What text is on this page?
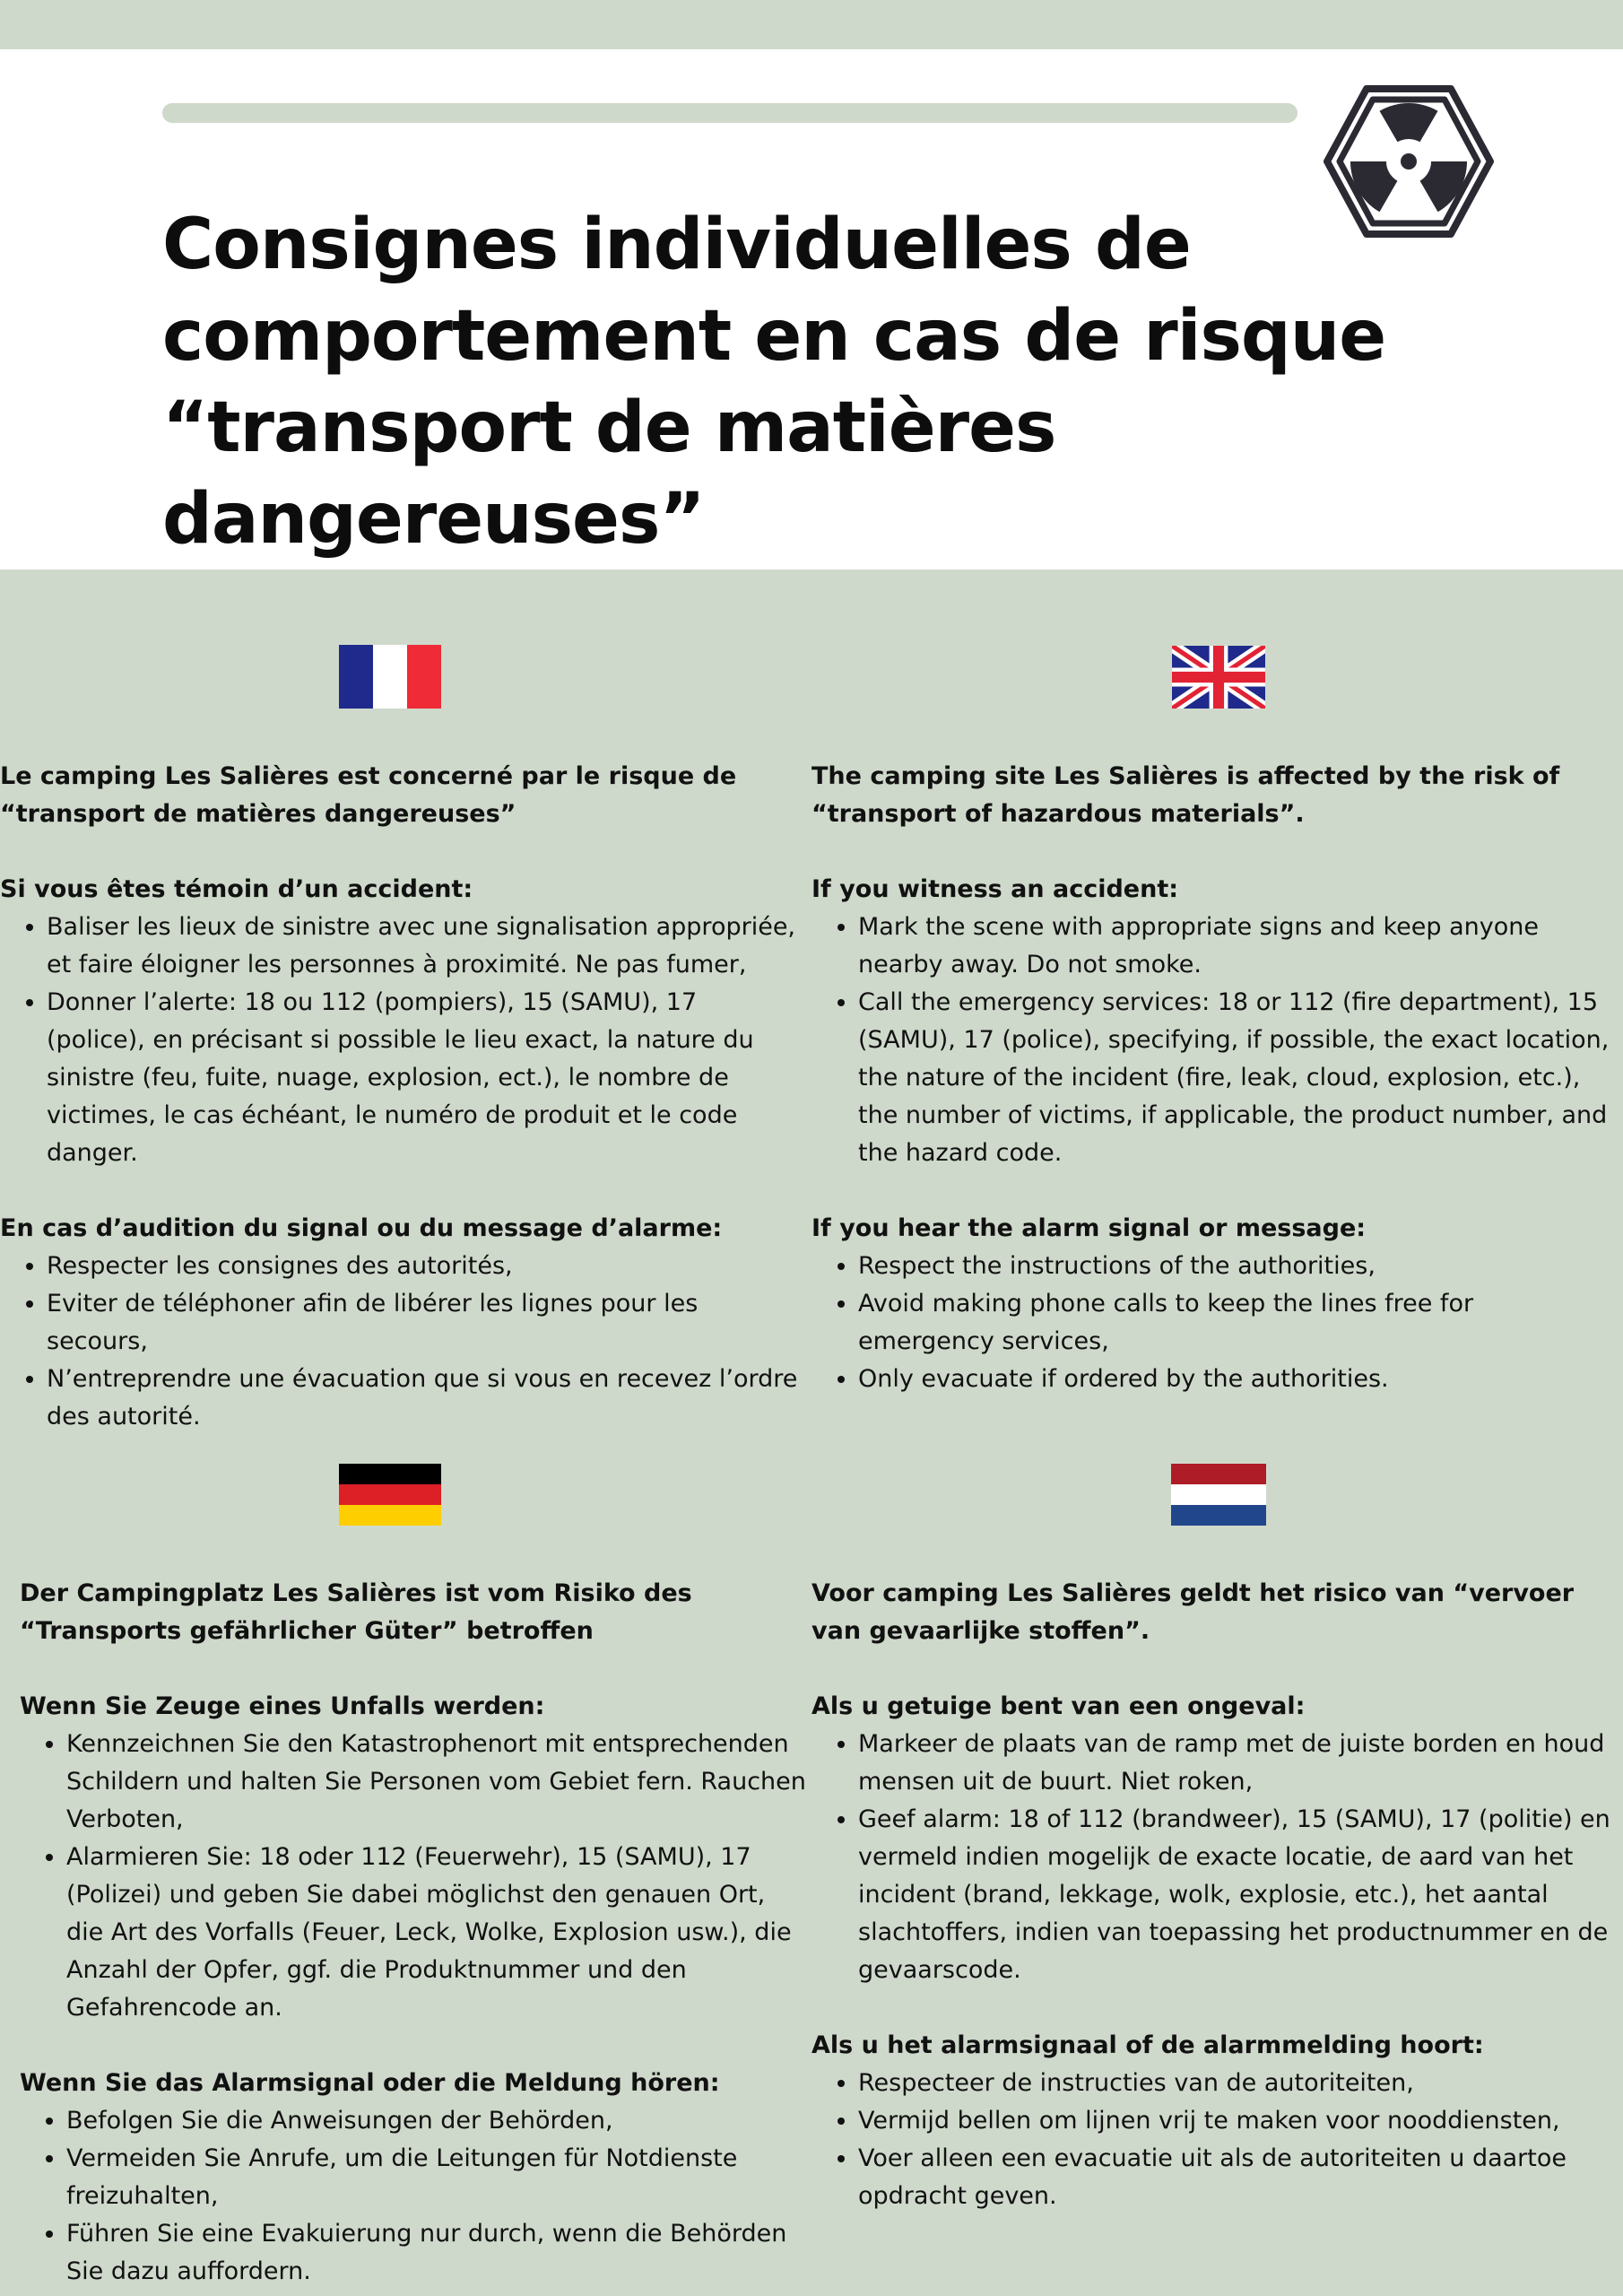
Consignes individuelles de comportement en cas de risque “transport de matières dangereuses”

Le camping Les Salières est concerné par le risque de “transport de matières dangereuses”

Si vous êtes témoin d’un accident:

• Baliser les lieux de sinistre avec une signalisation appropriée, et faire éloigner les personnes à proximité. Ne pas fumer,
• Donner l’alerte: 18 ou 112 (pompiers), 15 (SAMU), 17 (police), en précisant si possible le lieu exact, la nature du sinistre (feu, fuite, nuage, explosion, ect.), le nombre de victimes, le cas échéant, le numéro de produit et le code danger.

En cas d’audition du signal ou du message d’alarme:

• Respecter les consignes des autorités,
• Eviter de téléphoner afin de libérer les lignes pour les secours,
• N’entreprendre une évacuation que si vous en recevez l’ordre des autorité.

The camping site Les Salières is affected by the risk of “transport of hazardous materials”.

If you witness an accident:

• Mark the scene with appropriate signs and keep anyone nearby away. Do not smoke.
• Call the emergency services: 18 or 112 (fire department), 15 (SAMU), 17 (police), specifying, if possible, the exact location, the nature of the incident (fire, leak, cloud, explosion, etc.), the number of victims, if applicable, the product number, and the hazard code.

If you hear the alarm signal or message:

• Respect the instructions of the authorities,
• Avoid making phone calls to keep the lines free for emergency services,
• Only evacuate if ordered by the authorities.

Der Campingplatz Les Salières ist vom Risiko des “Transports gefährlicher Güter” betroffen

Wenn Sie Zeuge eines Unfalls werden:

• Kennzeichnen Sie den Katastrophenort mit entsprechenden Schildern und halten Sie Personen vom Gebiet fern. Rauchen Verboten,
• Alarmieren Sie: 18 oder 112 (Feuerwehr), 15 (SAMU), 17 (Polizei) und geben Sie dabei möglichst den genauen Ort, die Art des Vorfalls (Feuer, Leck, Wolke, Explosion usw.), die Anzahl der Opfer, ggf. die Produktnummer und den Gefahrencode an.

Wenn Sie das Alarmsignal oder die Meldung hören:

• Befolgen Sie die Anweisungen der Behörden,
• Vermeiden Sie Anrufe, um die Leitungen für Notdienste freizuhalten,
• Führen Sie eine Evakuierung nur durch, wenn die Behörden Sie dazu auffordern.

Voor camping Les Salières geldt het risico van “vervoer van gevaarlijke stoffen”.

Als u getuige bent van een ongeval:

• Markeer de plaats van de ramp met de juiste borden en houd mensen uit de buurt. Niet roken,
• Geef alarm: 18 of 112 (brandweer), 15 (SAMU), 17 (politie) en vermeld indien mogelijk de exacte locatie, de aard van het incident (brand, lekkage, wolk, explosie, etc.), het aantal slachtoffers, indien van toepassing het productnummer en de gevaarscode.

Als u het alarmsignaal of de alarmmelding hoort:

• Respecteer de instructies van de autoriteiten,
• Vermijd bellen om lijnen vrij te maken voor nooddiensten,
• Voer alleen een evacuatie uit als de autoriteiten u daartoe opdracht geven.
